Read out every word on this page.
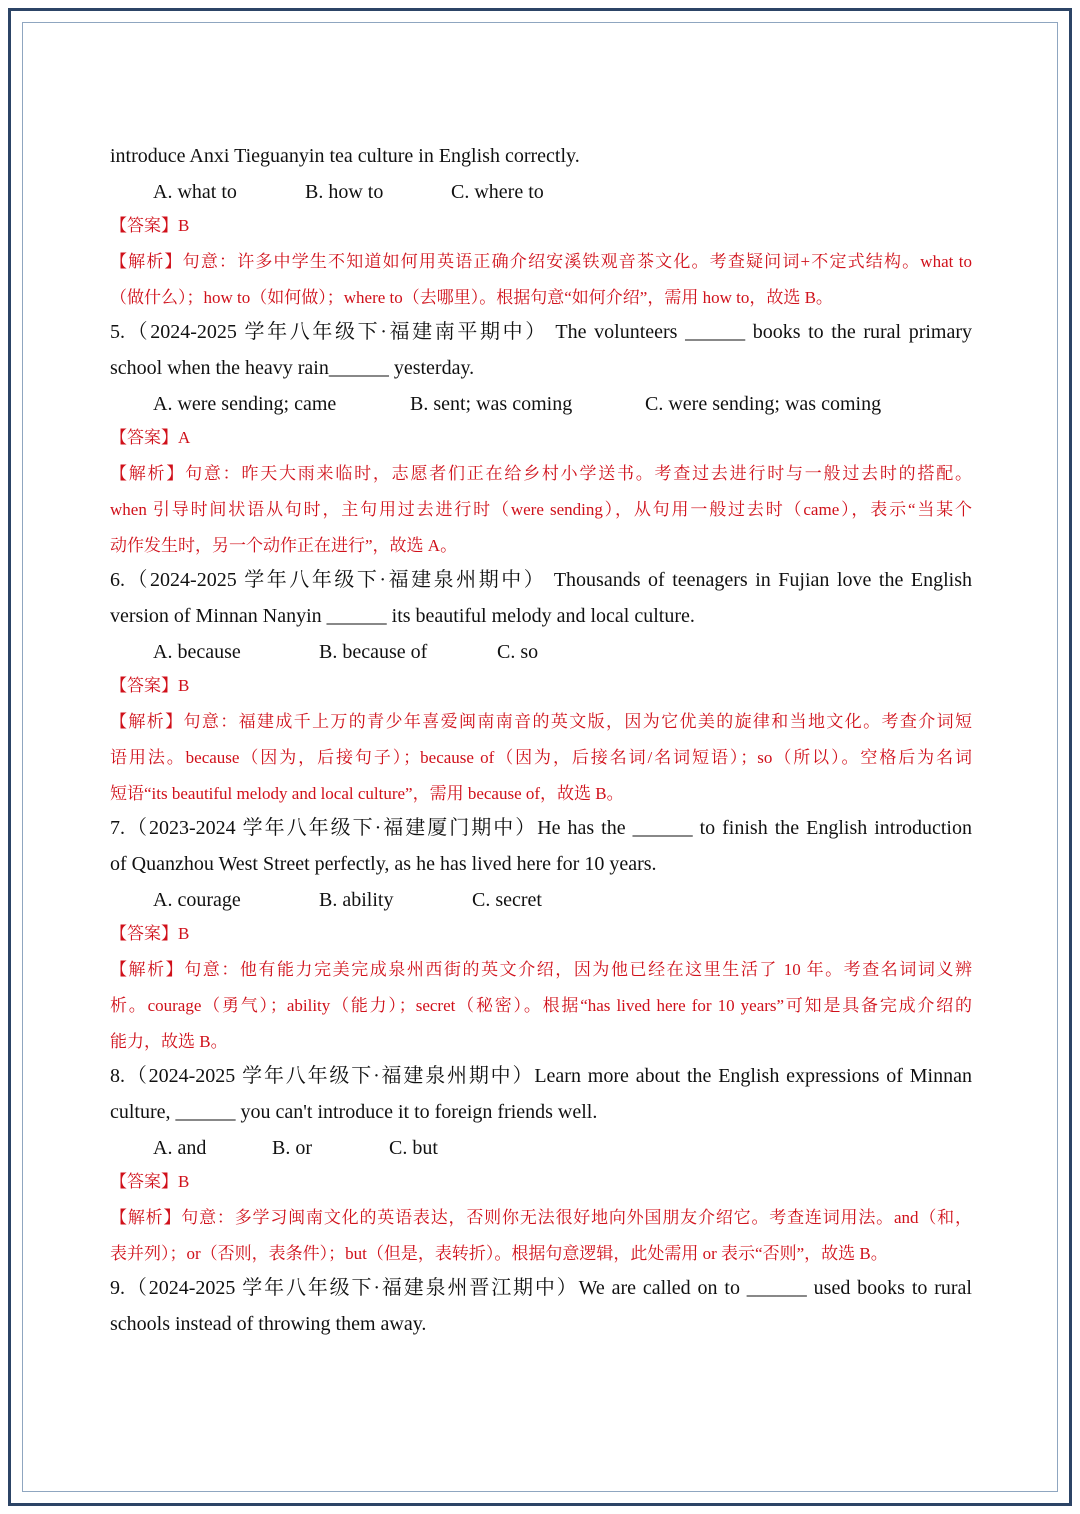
introduce Anxi Tieguanyin tea culture in English correctly.
A. what to	B. how to	C. where to
【答案】B
【解析】句意：许多中学生不知道如何用英语正确介绍安溪铁观音茶文化。考查疑问词+不定式结构。what to
（做什么）；how to（如何做）；where to（去哪里）。根据句意“如何介绍”，需用 how to，故选 B。
5.（2024-2025 学年八年级下·福建南平期中） The volunteers ______ books to the rural primary
school when the heavy rain______ yesterday.
A. were sending; came	B. sent; was coming	C. were sending; was coming
【答案】A
【解析】句意：昨天大雨来临时，志愿者们正在给乡村小学送书。考查过去进行时与一般过去时的搭配。
when 引导时间状语从句时，主句用过去进行时（were sending），从句用一般过去时（came），表示“当某个
动作发生时，另一个动作正在进行”，故选 A。
6.（2024-2025 学年八年级下·福建泉州期中） Thousands of teenagers in Fujian love the English
version of Minnan Nanyin ______ its beautiful melody and local culture.
A. because	B. because of	C. so
【答案】B
【解析】句意：福建成千上万的青少年喜爱闽南南音的英文版，因为它优美的旋律和当地文化。考查介词短
语用法。because（因为，后接句子）；because of（因为，后接名词/名词短语）；so（所以）。空格后为名词
短语“its beautiful melody and local culture”，需用 because of，故选 B。
7.（2023-2024 学年八年级下·福建厦门期中）He has the ______ to finish the English introduction
of Quanzhou West Street perfectly, as he has lived here for 10 years.
A. courage	B. ability	C. secret
【答案】B
【解析】句意：他有能力完美完成泉州西街的英文介绍，因为他已经在这里生活了 10 年。考查名词词义辨
析。courage（勇气）；ability（能力）；secret（秘密）。根据“has lived here for 10 years”可知是具备完成介绍的
能力，故选 B。
8.（2024-2025 学年八年级下·福建泉州期中）Learn more about the English expressions of Minnan
culture, ______ you can't introduce it to foreign friends well.
A. and	B. or	C. but
【答案】B
【解析】句意：多学习闽南文化的英语表达，否则你无法很好地向外国朋友介绍它。考查连词用法。and（和，
表并列）；or（否则，表条件）；but（但是，表转折）。根据句意逻辑，此处需用 or 表示“否则”，故选 B。
9.（2024-2025 学年八年级下·福建泉州晋江期中）We are called on to ______ used books to rural
schools instead of throwing them away.
